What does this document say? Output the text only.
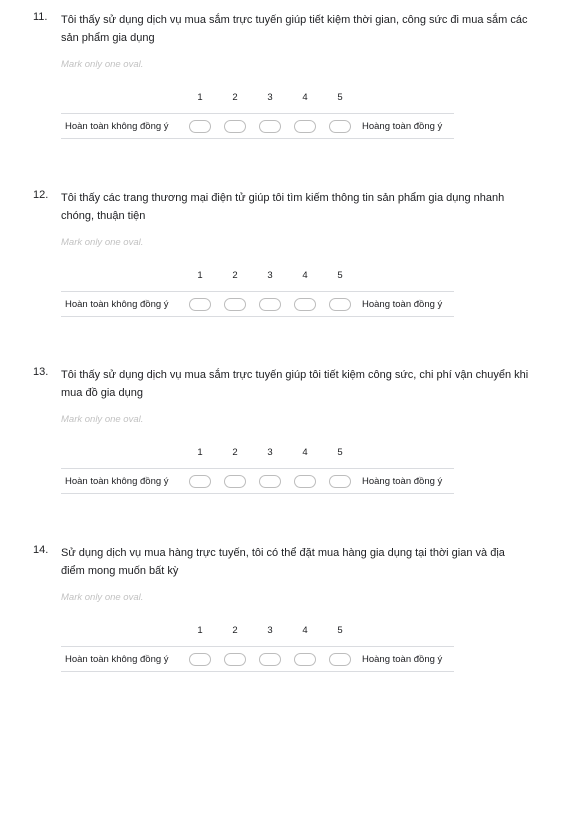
11. Tôi thấy sử dụng dịch vụ mua sắm trực tuyến giúp tiết kiệm thời gian, công sức đi mua sắm các sản phẩm gia dụng
Mark only one oval.
1	2	3	4	5
Hoàn toàn không đồng ý	Hoàng toàn đồng ý
12. Tôi thấy các trang thương mại điện tử giúp tôi tìm kiếm thông tin sản phẩm gia dụng nhanh chóng, thuận tiện
Mark only one oval.
1	2	3	4	5
Hoàn toàn không đồng ý	Hoàng toàn đồng ý
13. Tôi thấy sử dụng dịch vụ mua sắm trực tuyến giúp tôi tiết kiệm công sức, chi phí vận chuyển khi mua đồ gia dụng
Mark only one oval.
1	2	3	4	5
Hoàn toàn không đồng ý	Hoàng toàn đồng ý
14. Sử dụng dịch vụ mua hàng trực tuyến, tôi có thể đặt mua hàng gia dụng tại thời gian và địa điểm mong muốn bất kỳ
Mark only one oval.
1	2	3	4	5
Hoàn toàn không đồng ý	Hoàng toàn đồng ý
